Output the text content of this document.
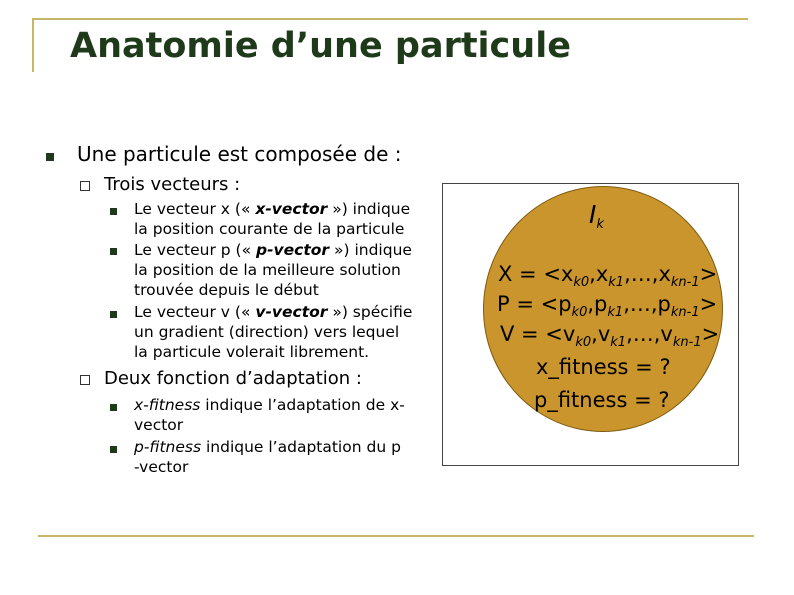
Anatomie d’une particule

Une particule est composée de :

Trois vecteurs :

Le vecteur x (« x-vector ») indique
la position courante de la particule
Le vecteur p (« p-vector ») indique
la position de la meilleure solution
trouvée depuis le début
Le vecteur v (« v-vector ») spécifie
un gradient (direction) vers lequel
la particule volerait librement.

Deux fonction d’adaptation :

x-fitness indique l’adaptation de x-
vector
p-fitness indique l’adaptation du p
-vector
$I_k$
$X = <x_{k0},x_{k1},\dots,x_{kn-1}>$
$P = <p_{k0},p_{k1},\dots,p_{kn-1}>$
$V = <v_{k0},v_{k1},\dots,v_{kn-1}>$
x_fitness = ?
p_fitness = ?
